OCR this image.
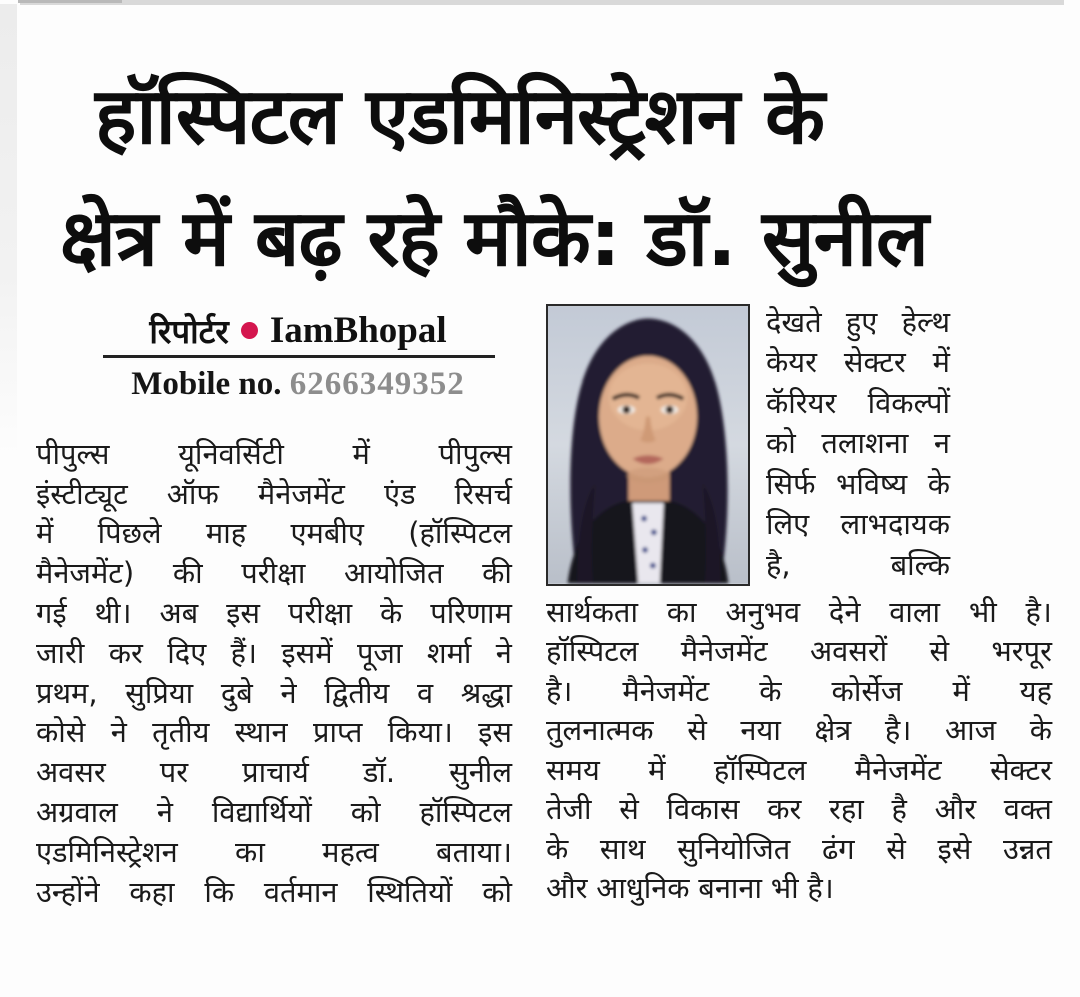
हॉस्पिटल एडमिनिस्ट्रेशन के
क्षेत्र में बढ़ रहे मौके: डॉ. सुनील
रिपोर्टर IamBhopal
Mobile no. 6266349352
पीपुल्स यूनिवर्सिटी में पीपुल्स
इंस्टीट्यूट ऑफ मैनेजमेंट एंड रिसर्च
में पिछले माह एमबीए (हॉस्पिटल
मैनेजमेंट) की परीक्षा आयोजित की
गई थी। अब इस परीक्षा के परिणाम
जारी कर दिए हैं। इसमें पूजा शर्मा ने
प्रथम, सुप्रिया दुबे ने द्वितीय व श्रद्धा
कोसे ने तृतीय स्थान प्राप्त किया। इस
अवसर पर प्राचार्य डॉ. सुनील
अग्रवाल ने विद्यार्थियों को हॉस्पिटल
एडमिनिस्ट्रेशन का महत्व बताया।
उन्होंने कहा कि वर्तमान स्थितियों को
देखते हुए हेल्थ
केयर सेक्टर में
कॅरियर विकल्पों
को तलाशना न
सिर्फ भविष्य के
लिए लाभदायक
है,	बल्कि
सार्थकता का अनुभव देने वाला भी है।
हॉस्पिटल मैनेजमेंट अवसरों से भरपूर
है। मैनेजमेंट के कोर्सेज में यह
तुलनात्मक से नया क्षेत्र है। आज के
समय में हॉस्पिटल मैनेजमेंट सेक्टर
तेजी से विकास कर रहा है और वक्त
के साथ सुनियोजित ढंग से इसे उन्नत
और आधुनिक बनाना भी है।
